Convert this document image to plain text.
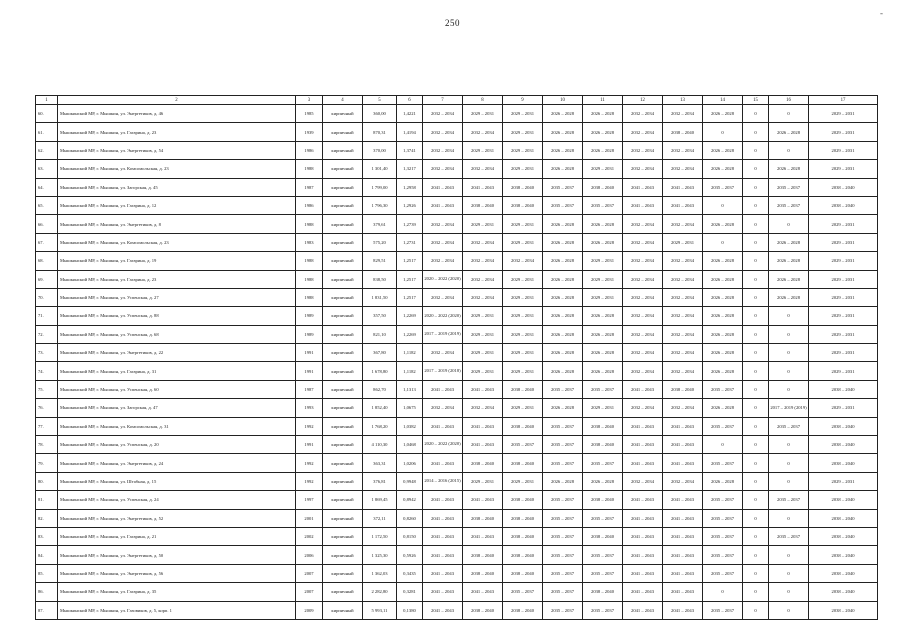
250
-
1	2	3	4	5	6	7	8	9	10	11	12	13	14	15	16	17
60.	Мышкинский МР, г. Мышкин, ул. Энергетиков, д. 46	1985	кирпичный	360,00	1,4221	2032 – 2034	2029 – 2031	2029 – 2031	2026 – 2028	2026 – 2028	2032 – 2034	2032 – 2034	2026 – 2028	0	0	2029 – 2031
61.	Мышкинский МР, г. Мышкин, ул. Гагарина, д. 23	1939	кирпичный	870,31	1,4194	2032 – 2034	2032 – 2034	2029 – 2031	2026 – 2028	2026 – 2028	2032 – 2034	2038 – 2040	0	0	2026 – 2028	2029 – 2031
62.	Мышкинский МР, г. Мышкин, ул. Энергетиков, д. 54	1986	кирпичный	370,00	1,3741	2032 – 2034	2029 – 2031	2029 – 2031	2026 – 2028	2026 – 2028	2032 – 2034	2032 – 2034	2026 – 2028	0	0	2029 – 2031
63.	Мышкинский МР, г. Мышкин, ул. Комсомольская, д. 23	1988	кирпичный	1 301,40	1,3217	2032 – 2034	2032 – 2034	2029 – 2031	2026 – 2028	2029 – 2031	2032 – 2034	2032 – 2034	2026 – 2028	0	2026 – 2028	2029 – 2031
64.	Мышкинский МР, г. Мышкин, ул. Загорская, д. 45	1987	кирпичный	1 799,00	1,2958	2041 – 2043	2041 – 2043	2038 – 2040	2035 – 2037	2038 – 2040	2041 – 2043	2041 – 2043	2035 – 2037	0	2035 – 2037	2038 – 2040
65.	Мышкинский МР, г. Мышкин, ул. Гагарина, д. 12	1986	кирпичный	1 796,30	1,2926	2041 – 2043	2038 – 2040	2038 – 2040	2035 – 2037	2035 – 2037	2041 – 2043	2041 – 2043	0	0	2035 – 2037	2038 – 2040
66.	Мышкинский МР, г. Мышкин, ул. Энергетиков, д. 8	1988	кирпичный	379,61	1,2739	2032 – 2034	2029 – 2031	2029 – 2031	2026 – 2028	2026 – 2028	2032 – 2034	2032 – 2034	2026 – 2028	0	0	2029 – 2031
67.	Мышкинский МР, г. Мышкин, ул. Комсомольская, д. 23	1983	кирпичный	575,20	1,2731	2032 – 2034	2032 – 2034	2029 – 2031	2026 – 2028	2026 – 2028	2032 – 2034	2029 – 2031	0	0	2026 – 2028	2029 – 2031
68.	Мышкинский МР, г. Мышкин, ул. Гагарина, д. 19	1988	кирпичный	829,51	1,2517	2032 – 2034	2032 – 2034	2032 – 2034	2026 – 2028	2029 – 2031	2032 – 2034	2032 – 2034	2026 – 2028	0	2026 – 2028	2029 – 2031
69.	Мышкинский МР, г. Мышкин, ул. Гагарина, д. 23	1988	кирпичный	838,50	1,2517	2020 – 2022 (2020)	2032 – 2034	2029 – 2031	2026 – 2028	2029 – 2031	2032 – 2034	2032 – 2034	2026 – 2028	0	2026 – 2028	2029 – 2031
70.	Мышкинский МР, г. Мышкин, ул. Успенская, д. 27	1988	кирпичный	1 831,50	1,2517	2032 – 2034	2032 – 2034	2029 – 2031	2026 – 2028	2029 – 2031	2032 – 2034	2032 – 2034	2026 – 2028	0	2026 – 2028	2029 – 2031
71.	Мышкинский МР, г. Мышкин, ул. Успенская, д. 88	1989	кирпичный	357,50	1,2269	2020 – 2022 (2020)	2029 – 2031	2029 – 2031	2026 – 2028	2026 – 2028	2032 – 2034	2032 – 2034	2026 – 2028	0	0	2029 – 2031
72.	Мышкинский МР, г. Мышкин, ул. Успенская, д. 68	1989	кирпичный	821,10	1,2269	2017 – 2019 (2019)	2029 – 2031	2029 – 2031	2026 – 2028	2026 – 2028	2032 – 2034	2032 – 2034	2026 – 2028	0	0	2029 – 2031
73.	Мышкинский МР, г. Мышкин, ул. Энергетиков, д. 22	1991	кирпичный	367,80	1,1182	2032 – 2034	2029 – 2031	2029 – 2031	2026 – 2028	2026 – 2028	2032 – 2034	2032 – 2034	2026 – 2028	0	0	2029 – 2031
74.	Мышкинский МР, г. Мышкин, ул. Гагарина, д. 31	1991	кирпичный	1 678,80	1,1182	2017 – 2019 (2018)	2029 – 2031	2029 – 2031	2026 – 2028	2026 – 2028	2032 – 2034	2032 – 2034	2026 – 2028	0	0	2029 – 2031
75.	Мышкинский МР, г. Мышкин, ул. Успенская, д. 60	1987	кирпичный	862,70	1,1313	2041 – 2043	2041 – 2043	2038 – 2040	2035 – 2037	2035 – 2037	2041 – 2043	2038 – 2040	2035 – 2037	0	0	2038 – 2040
76.	Мышкинский МР, г. Мышкин, ул. Загорская, д. 47	1993	кирпичный	1 852,40	1,0675	2032 – 2034	2032 – 2034	2029 – 2031	2026 – 2028	2029 – 2031	2032 – 2034	2032 – 2034	2026 – 2028	0	2017 – 2019 (2019)	2029 – 2031
77.	Мышкинский МР, г. Мышкин, ул. Комсомольская, д. 31	1992	кирпичный	1 768,20	1,0382	2041 – 2043	2041 – 2043	2038 – 2040	2035 – 2037	2038 – 2040	2041 – 2043	2041 – 2043	2035 – 2037	0	2035 – 2037	2038 – 2040
78.	Мышкинский МР, г. Мышкин, ул. Успенская, д. 20	1991	кирпичный	4 110,30	1,0468	2020 – 2022 (2020)	2041 – 2043	2035 – 2037	2035 – 2037	2038 – 2040	2041 – 2043	2041 – 2043	0	0	0	2038 – 2040
79.	Мышкинский МР, г. Мышкин, ул. Энергетиков, д. 24	1992	кирпичный	363,31	1,0206	2041 – 2043	2038 – 2040	2038 – 2040	2035 – 2037	2035 – 2037	2041 – 2043	2041 – 2043	2035 – 2037	0	0	2038 – 2040
80.	Мышкинский МР, г. Мышкин, ул. Штабная, д. 15	1992	кирпичный	376,81	0,9948	2014 – 2016 (2015)	2029 – 2031	2029 – 2031	2026 – 2028	2026 – 2028	2032 – 2034	2032 – 2034	2026 – 2028	0	0	2029 – 2031
81.	Мышкинский МР, г. Мышкин, ул. Успенская, д. 24	1997	кирпичный	1 869,45	0,8942	2041 – 2043	2041 – 2043	2038 – 2040	2035 – 2037	2038 – 2040	2041 – 2043	2041 – 2043	2035 – 2037	0	2035 – 2037	2038 – 2040
82.	Мышкинский МР, г. Мышкин, ул. Энергетиков, д. 52	2001	кирпичный	372,11	0,8260	2041 – 2043	2038 – 2040	2038 – 2040	2035 – 2037	2035 – 2037	2041 – 2043	2041 – 2043	2035 – 2037	0	0	2038 – 2040
83.	Мышкинский МР, г. Мышкин, ул. Гагарина, д. 21	2002	кирпичный	1 172,50	0,8150	2041 – 2043	2041 – 2043	2038 – 2040	2035 – 2037	2038 – 2040	2041 – 2043	2041 – 2043	2035 – 2037	0	2035 – 2037	2038 – 2040
84.	Мышкинский МР, г. Мышкин, ул. Энергетиков, д. 50	2006	кирпичный	1 325,30	0,5926	2041 – 2043	2038 – 2040	2038 – 2040	2035 – 2037	2035 – 2037	2041 – 2043	2041 – 2043	2035 – 2037	0	0	2038 – 2040
85.	Мышкинский МР, г. Мышкин, ул. Энергетиков, д. 56	2007	кирпичный	1 362,03	0,3435	2041 – 2043	2038 – 2040	2038 – 2040	2035 – 2037	2035 – 2037	2041 – 2043	2041 – 2043	2035 – 2037	0	0	2038 – 2040
86.	Мышкинский МР, г. Мышкин, ул. Гагарина, д. 35	2007	кирпичный	2 282,80	0,3281	2041 – 2043	2041 – 2043	2035 – 2037	2035 – 2037	2038 – 2040	2041 – 2043	2041 – 2043	0	0	0	2038 – 2040
87.	Мышкинский МР, г. Мышкин, ул. Газовиков, д. 5, корп. 1	2009	кирпичный	5 993,11	0,1380	2041 – 2043	2038 – 2040	2038 – 2040	2035 – 2037	2035 – 2037	2041 – 2043	2041 – 2043	2035 – 2037	0	0	2038 – 2040
